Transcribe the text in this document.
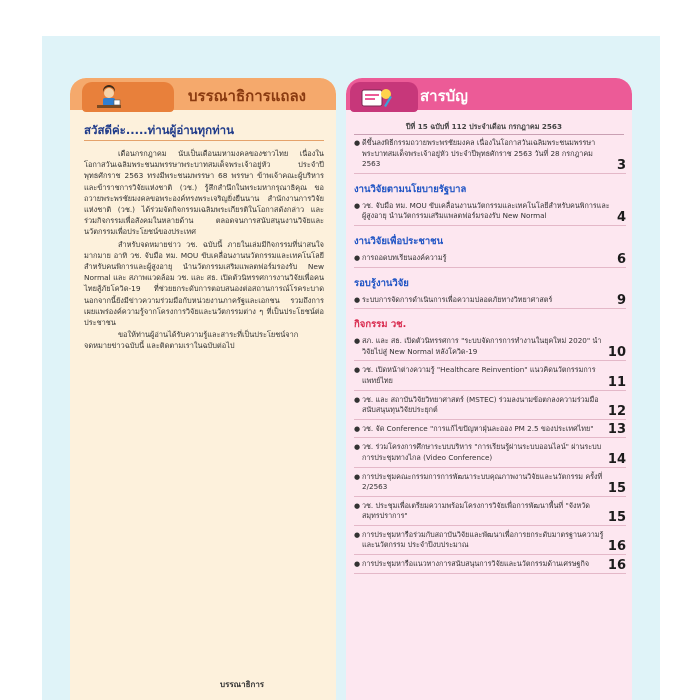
บรรณาธิการแถลง
สวัสดีค่ะ.....ท่านผู้อ่านทุกท่าน

เดือนกรกฎาคม นับเป็นเดือนมหามงคลของชาวไทย เนื่องในโอกาสวันเฉลิมพระชนมพรรษาพระบาทสมเด็จพระเจ้าอยู่หัว ประจำปีพุทธศักราช 2563 ทรงมีพระชนมพรรษา 68 พรรษา ข้าพเจ้าคณะผู้บริหารและข้าราชการวิจัยแห่งชาติ (วช.) รู้สึกสำนึกในพระมหากรุณาธิคุณ ขอถวายพระพรชัยมงคลขอพระองค์ทรงพระเจริญยิ่งยืนนาน สำนักงานการวิจัยแห่งชาติ (วช.) ได้ร่วมจัดกิจกรรมเฉลิมพระเกียรติในโอกาสดังกล่าว และร่วมกิจกรรมเพื่อสังคมในหลายด้าน ตลอดจนการสนับสนุนงานวิจัยและนวัตกรรมเพื่อประโยชน์ของประเทศ

สำหรับจดหมายข่าว วช. ฉบับนี้ ภายในเล่มมีกิจกรรมที่น่าสนใจมากมาย อาทิ วช. จับมือ ทม. MOU ขับเคลื่อนงานนวัตกรรมและเทคโนโลยีสำหรับคนพิการและผู้สูงอายุ นำนวัตกรรมเสริมแพลตฟอร์มรองรับ New Normal และ สภาพแวดล้อม วช. และ สธ. เปิดตัวนิทรรศการงานวิจัยเพื่อคนไทยสู้ภัยโควิด-19 ที่ช่วยยกระดับการตอบสนองต่อสถานการณ์โรคระบาด นอกจากนี้ยังมีข่าวความร่วมมือกับหน่วยงานภาครัฐและเอกชน รวมถึงการเผยแพร่องค์ความรู้จากโครงการวิจัยและนวัตกรรมต่าง ๆ ที่เป็นประโยชน์ต่อประชาชน

ขอให้ท่านผู้อ่านได้รับความรู้และสาระที่เป็นประโยชน์จากจดหมายข่าวฉบับนี้ และติดตามเราในฉบับต่อไป

บรรณาธิการ
สารบัญ
ปีที่ 15 ฉบับที่ 112 ประจำเดือน กรกฎาคม 2563
● ดีขึ้นลงพิธีกรรมถวายพระพรชัยมงคล เนื่องในโอกาสวันเฉลิมพระชนมพรรษา พระบาทสมเด็จพระเจ้าอยู่หัว ประจำปีพุทธศักราช 2563 วันที่ 28 กรกฎาคม 2563	3
งานวิจัยตามนโยบายรัฐบาล
● วช. จับมือ ทม. MOU ขับเคลื่อนงานนวัตกรรมและเทคโนโลยีสำหรับคนพิการและผู้สูงอายุ นำนวัตกรรมเสริมแพลตฟอร์มรองรับ New Normal	4
งานวิจัยเพื่อประชาชน
● การถอดบทเรียนองค์ความรู้	6
รอบรู้งานวิจัย
● ระบบการจัดการดำเนินการเพื่อความปลอดภัยทางวิทยาศาสตร์	9
กิจกรรม วช.
● สภ. และ สธ. เปิดตัวนิทรรศการ "ระบบจัดการการทำงานในยุคใหม่ 2020" นำวิจัยไปสู่ New Normal หลังโควิด-19	10
● วช. เปิดหน้าต่างความรู้ "Healthcare Reinvention" แนวคิดนวัตกรรมการแพทย์ไทย	11
● วช. และ สถาบันวิจัยวิทยาศาสตร์ (MSTEC) ร่วมลงนามข้อตกลงความร่วมมือสนับสนุนทุนวิจัยประยุกต์	12
● วช. จัด Conference "การแก้ไขปัญหาฝุ่นละออง PM 2.5 ของประเทศไทย" 13
● วช. ร่วมโครงการศึกษาระบบบริหาร "การเรียนรู้ผ่านระบบออนไลน์" ผ่านระบบการประชุมทางไกล (Video Conference)	14
● การประชุมคณะกรรมการการพัฒนาระบบคุณภาพงานวิจัยและนวัตกรรม ครั้งที่ 2/2563	15
● วช. ประชุมเพื่อเตรียมความพร้อมโครงการวิจัยเพื่อการพัฒนาพื้นที่ "จังหวัดสมุทรปราการ"	15
● การประชุมหารือร่วมกับสถาบันวิจัยและพัฒนาเพื่อการยกระดับมาตรฐานความรู้และนวัตกรรม ประจำปีงบประมาณ	16
● การประชุมหารือแนวทางการสนับสนุนการวิจัยและนวัตกรรมด้านเศรษฐกิจ 16
